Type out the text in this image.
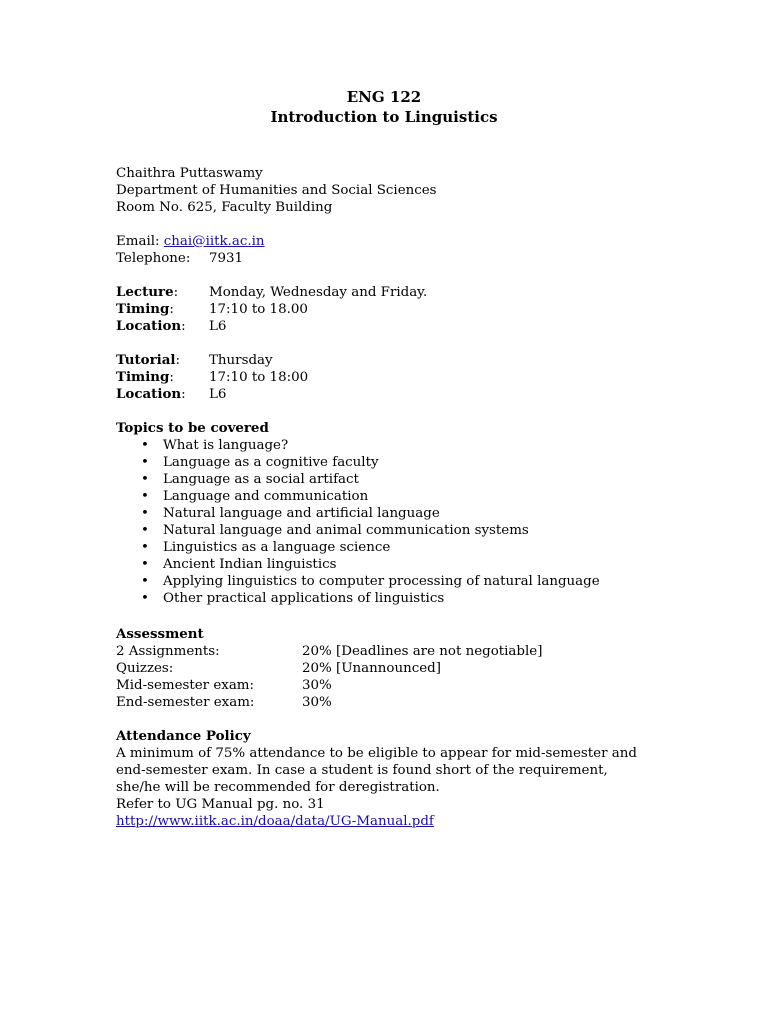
ENG 122
Introduction to Linguistics
Chaithra Puttaswamy
Department of Humanities and Social Sciences
Room No. 625, Faculty Building
Email: chai@iitk.ac.in
Telephone: 7931
Lecture: Monday, Wednesday and Friday.
Timing:	17:10 to 18.00
Location: L6
Tutorial: Thursday
Timing:	17:10 to 18:00
Location: L6
Topics to be covered
• What is language?
• Language as a cognitive faculty
• Language as a social artifact
• Language and communication
• Natural language and artificial language
• Natural language and animal communication systems
• Linguistics as a language science
• Ancient Indian linguistics
• Applying linguistics to computer processing of natural language
• Other practical applications of linguistics
Assessment
2 Assignments:	20% [Deadlines are not negotiable]
Quizzes:	20% [Unannounced]
Mid-semester exam:	30%
End-semester exam:	30%
Attendance Policy
A minimum of 75% attendance to be eligible to appear for mid-semester and end-semester exam. In case a student is found short of the requirement, she/he will be recommended for deregistration.
Refer to UG Manual pg. no. 31
http://www.iitk.ac.in/doaa/data/UG-Manual.pdf
